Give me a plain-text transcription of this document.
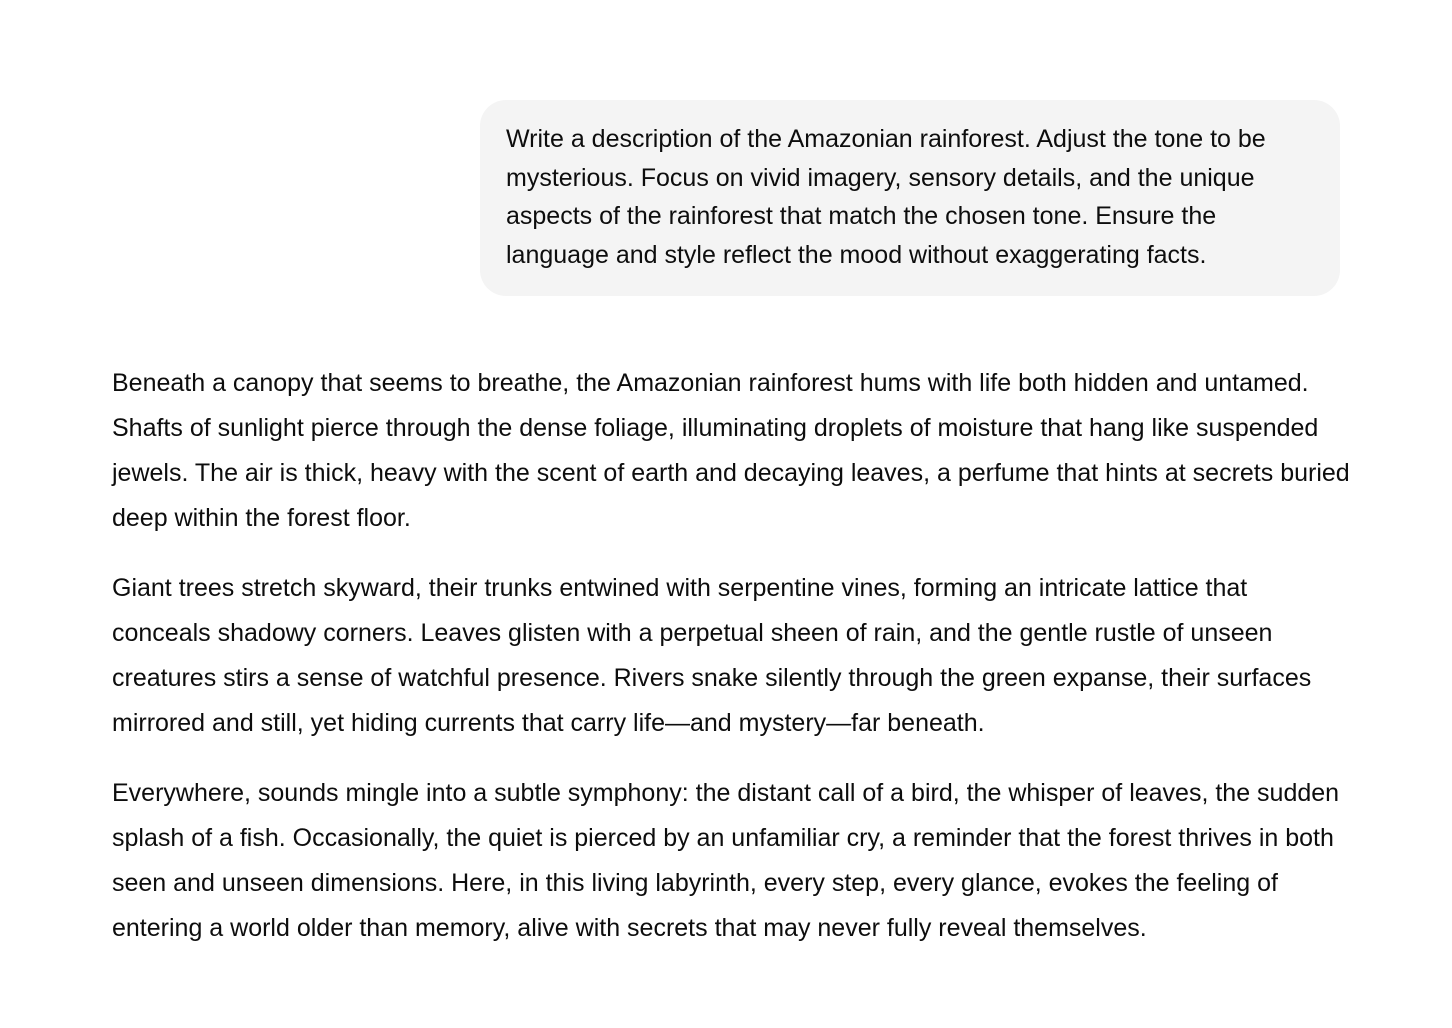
Write a description of the Amazonian rainforest. Adjust the tone to be mysterious. Focus on vivid imagery, sensory details, and the unique aspects of the rainforest that match the chosen tone. Ensure the language and style reflect the mood without exaggerating facts.

Beneath a canopy that seems to breathe, the Amazonian rainforest hums with life both hidden and untamed. Shafts of sunlight pierce through the dense foliage, illuminating droplets of moisture that hang like suspended jewels. The air is thick, heavy with the scent of earth and decaying leaves, a perfume that hints at secrets buried deep within the forest floor.

Giant trees stretch skyward, their trunks entwined with serpentine vines, forming an intricate lattice that conceals shadowy corners. Leaves glisten with a perpetual sheen of rain, and the gentle rustle of unseen creatures stirs a sense of watchful presence. Rivers snake silently through the green expanse, their surfaces mirrored and still, yet hiding currents that carry life—and mystery—far beneath.

Everywhere, sounds mingle into a subtle symphony: the distant call of a bird, the whisper of leaves, the sudden splash of a fish. Occasionally, the quiet is pierced by an unfamiliar cry, a reminder that the forest thrives in both seen and unseen dimensions. Here, in this living labyrinth, every step, every glance, evokes the feeling of entering a world older than memory, alive with secrets that may never fully reveal themselves.
